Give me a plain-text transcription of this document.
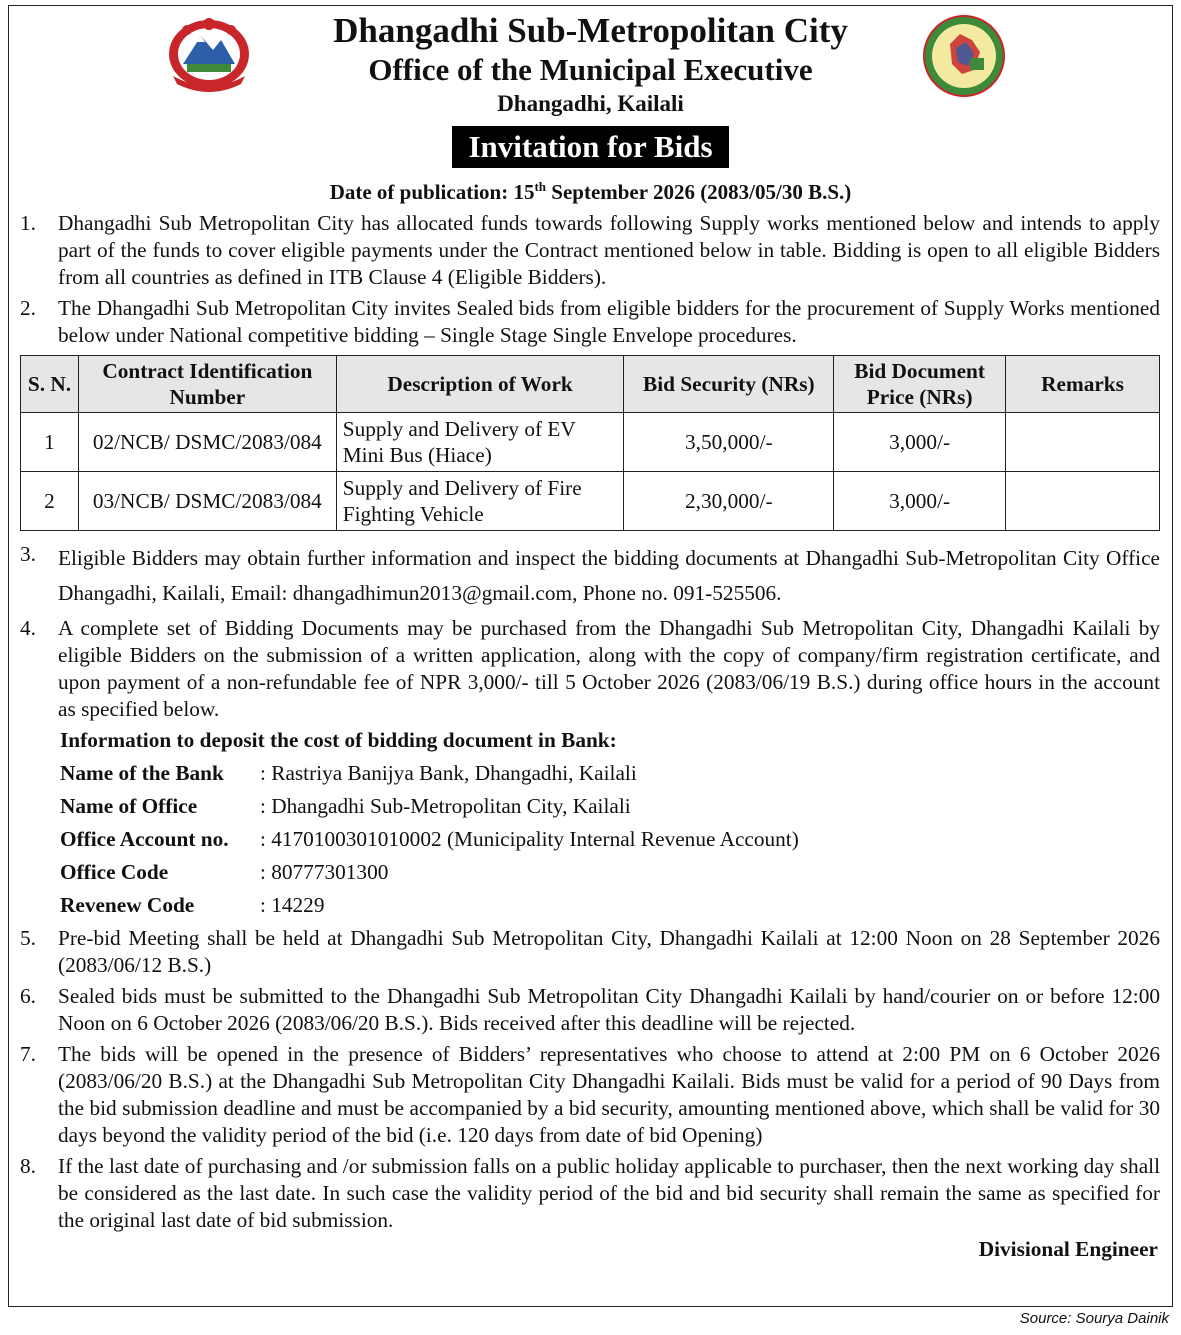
Dhangadhi Sub-Metropolitan City
Office of the Municipal Executive
Dhangadhi, Kailali
Invitation for Bids
Date of publication: 15th September 2026 (2083/05/30 B.S.)
1.	Dhangadhi Sub Metropolitan City has allocated funds towards following Supply works mentioned below and intends to apply part of the funds to cover eligible payments under the Contract mentioned below in table. Bidding is open to all eligible Bidders from all countries as defined in ITB Clause 4 (Eligible Bidders).
2.	The Dhangadhi Sub Metropolitan City invites Sealed bids from eligible bidders for the procurement of Supply Works mentioned below under National competitive bidding – Single Stage Single Envelope procedures.
S. N.	Contract Identification Number	Description of Work	Bid Security (NRs)	Bid Document Price (NRs)	Remarks
1	02/NCB/ DSMC/2083/084	Supply and Delivery of EV Mini Bus (Hiace)	3,50,000/-	3,000/-	
2	03/NCB/ DSMC/2083/084	Supply and Delivery of Fire Fighting Vehicle	2,30,000/-	3,000/-	
3.	Eligible Bidders may obtain further information and inspect the bidding documents at Dhangadhi Sub-Metropolitan City Office Dhangadhi, Kailali, Email: dhangadhimun2013@gmail.com, Phone no. 091-525506.
4.	A complete set of Bidding Documents may be purchased from the Dhangadhi Sub Metropolitan City, Dhangadhi Kailali by eligible Bidders on the submission of a written application, along with the copy of company/firm registration certificate, and upon payment of a non-refundable fee of NPR 3,000/- till 5 October 2026 (2083/06/19 B.S.) during office hours in the account as specified below.
Information to deposit the cost of bidding document in Bank:
Name of the Bank	: Rastriya Banijya Bank, Dhangadhi, Kailali
Name of Office	: Dhangadhi Sub-Metropolitan City, Kailali
Office Account no.	: 4170100301010002 (Municipality Internal Revenue Account)
Office Code	: 80777301300
Revenew Code	: 14229
5.	Pre-bid Meeting shall be held at Dhangadhi Sub Metropolitan City, Dhangadhi Kailali at 12:00 Noon on 28 September 2026 (2083/06/12 B.S.)
6.	Sealed bids must be submitted to the Dhangadhi Sub Metropolitan City Dhangadhi Kailali by hand/courier on or before 12:00 Noon on 6 October 2026 (2083/06/20 B.S.). Bids received after this deadline will be rejected.
7.	The bids will be opened in the presence of Bidders’ representatives who choose to attend at 2:00 PM on 6 October 2026 (2083/06/20 B.S.) at the Dhangadhi Sub Metropolitan City Dhangadhi Kailali. Bids must be valid for a period of 90 Days from the bid submission deadline and must be accompanied by a bid security, amounting mentioned above, which shall be valid for 30 days beyond the validity period of the bid (i.e. 120 days from date of bid Opening)
8.	If the last date of purchasing and /or submission falls on a public holiday applicable to purchaser, then the next working day shall be considered as the last date. In such case the validity period of the bid and bid security shall remain the same as specified for the original last date of bid submission.
Divisional Engineer
Source: Sourya Dainik
